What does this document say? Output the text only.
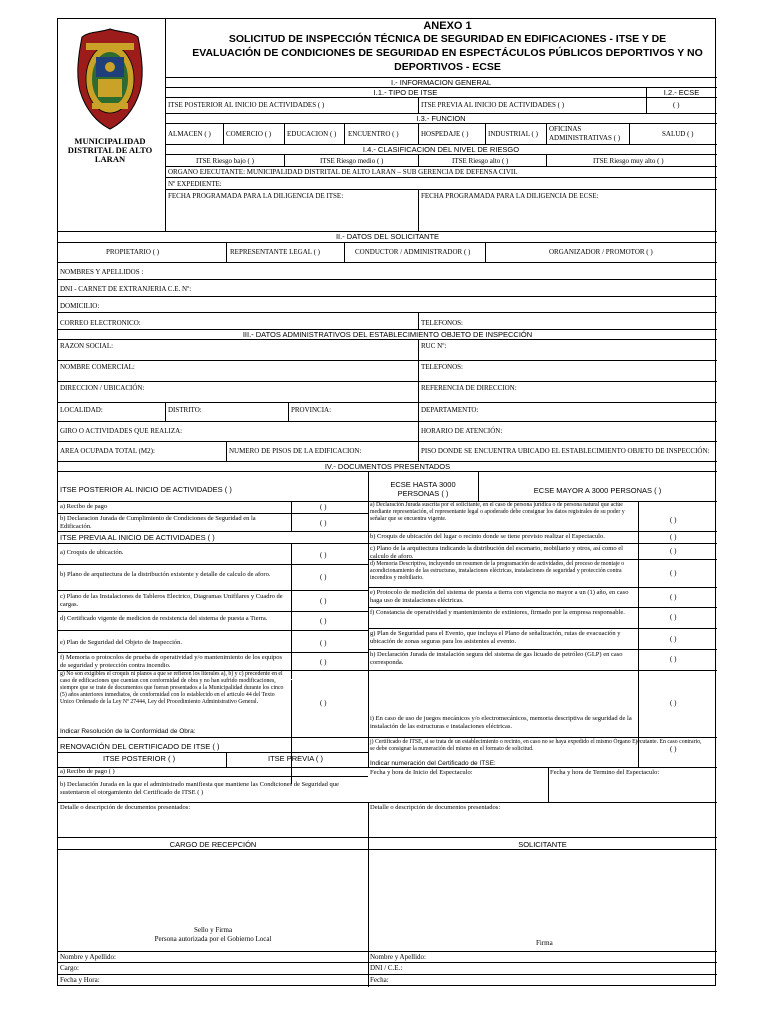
MUNICIPALIDAD
DISTRITAL DE ALTO
LARAN
ANEXO 1
SOLICITUD DE INSPECCIÓN TÉCNICA DE SEGURIDAD EN EDIFICACIONES - ITSE Y DE
EVALUACIÓN DE CONDICIONES DE SEGURIDAD EN ESPECTÁCULOS PÚBLICOS DEPORTIVOS Y NO
DEPORTIVOS - ECSE
I.- INFORMACION GENERAL
I.1.- TIPO DE ITSE	I.2.- ECSE
ITSE POSTERIOR AL INICIO DE ACTIVIDADES ( )	ITSE PREVIA AL INICIO DE ACTIVIDADES ( )	( )
I.3.- FUNCION
ALMACEN ( ) COMERCIO ( ) EDUCACION ( ) ENCUENTRO ( )	HOSPEDAJE ( )	INDUSTRIAL ( )
OFICINAS
ADMINISTRATIVAS ( )	SALUD ( )
I.4.- CLASIFICACION DEL NIVEL DE RIESGO
ITSE Riesgo bajo ( )	ITSE Riesgo medio ( )	ITSE Riesgo alto ( )	ITSE Riesgo muy alto ( )
ORGANO EJECUTANTE: MUNICIPALIDAD DISTRITAL DE ALTO LARAN – SUB GERENCIA DE DEFENSA CIVIL
Nº EXPEDIENTE:
FECHA PROGRAMADA PARA LA DILIGENCIA DE ITSE:	FECHA PROGRAMADA PARA LA DILIGENCIA DE ECSE:
II.- DATOS DEL SOLICITANTE
PROPIETARIO ( )	REPRESENTANTE LEGAL ( )	CONDUCTOR / ADMINISTRADOR ( )	ORGANIZADOR / PROMOTOR ( )
NOMBRES Y APELLIDOS :
DNI - CARNET DE EXTRANJERIA C.E. Nº:
DOMICILIO:
CORREO ELECTRONICO:	TELEFONOS:
III.- DATOS ADMINISTRATIVOS DEL ESTABLECIMIENTO OBJETO DE INSPECCIÓN
RAZON SOCIAL:	RUC Nº:
NOMBRE COMERCIAL:	TELEFONOS:
DIRECCION / UBICACIÓN:	REFERENCIA DE DIRECCION:
LOCALIDAD:	DISTRITO:	PROVINCIA:	DEPARTAMENTO:
GIRO O ACTIVIDADES QUE REALIZA:	HORARIO DE ATENCIÓN:
AREA OCUPADA TOTAL (M2):	NUMERO DE PISOS DE LA EDIFICACION:	PISO DONDE SE ENCUENTRA UBICADO EL ESTABLECIMIENTO OBJETO DE INSPECCIÓN:
IV.- DOCUMENTOS PRESENTADOS
ITSE POSTERIOR AL INICIO DE ACTIVIDADES ( )
ECSE HASTA 3000
PERSONAS ( )	ECSE MAYOR A 3000 PERSONAS ( )
a) Recibo de pago	( )
b) Declaracion Jurada de Cumplimiento de Condiciones de Seguridad en la Edificación.	( )
ITSE PREVIA AL INICIO DE ACTIVIDADES ( )
a) Croquis de ubicación.	( )
b) Plano de arquitectura de la distribución existente y detalle de calculo de aforo.	( )
c) Plano de las Instalaciones de Tableros Electrico, Diagramas Unifilares y Cuadro de cargas.	( )
d) Certificado vigente de medicion de resistencia del sistema de puesta a Tierra.	( )
e) Plan de Seguridad del Objeto de Inspección.	( )
f) Memoria o protocolos de prueba de operatividad y/o mantenimiento de los equipos de seguridad y protección contra incendio.	( )
g) No son exigibles el croquis ni planos a que se refieren los literales a), b) y c) precedente en el caso de edificaciones que cuentan con conformidad de obra y no han sufrido modificaciones, siempre que se trate de documentos que fueran presentados a la Municipalidad durante los cinco (5) años anteriores inmediatos, de conformidad con lo establecido en el articulo 44 del Texto Unico Ordenado de la Ley Nº 27444, Ley del Procedimiento Administrativo General.
Indicar Resolución de la Conformidad de Obra:
( )
RENOVACIÓN DEL CERTIFICADO DE ITSE ( )
ITSE POSTERIOR ( )	ITSE PREVIA ( )
a) Recibo de pago ( )
b) Declaración Jurada en la que el administrado manifiesta que mantiene las Condiciones de Seguridad que sustentaron el otorgamiento del Certificado de ITSE ( )
Detalle o descripción de documentos presentados:
a) Declaración Jurada suscrita por el solicitante, en el caso de persona jurídica o de persona natural que actúe mediante representación, el representante legal o apoderado debe consignar los datos registrales de su poder y señalar que se encuentra vigente.	( )
b) Croquis de ubicación del lugar o recinto donde se tiene previsto realizar el Espectaculo.	( )
c) Plano de la arquitectura indicando la distribución del escenario, mobiliario y otros, así como el calculo de aforo.
( )
d) Memoria Descriptiva, incluyendo un resumen de la programación de actividades, del proceso de montaje o acondicionamiento de las estructuras, instalaciones eléctricas, instalaciones de seguridad y protección contra incendios y mobiliario.
( )
e) Protocolo de medición del sistema de puesta a tierra con vigencia no mayor a un (1) año, en caso haga uso de instalaciones eléctricas.	( )
f) Constancia de operatividad y mantenimiento de extintores, firmado por la empresa responsable.
( )
g) Plan de Seguridad para el Evento, que incluya el Plano de señalización, rutas de evacuación y ubicación de zonas seguras para los asistentes al evento.	( )
h) Declaración Jurada de instalación segura del sistema de gas licuado de petróleo (GLP) en caso corresponda.	( )
i) En caso de uso de juegos mecánicos y/o electromecánicos, memoria descriptiva de seguridad de la instalación de las estructuras e instalaciones eléctricas.
( )
j) Certificado de ITSE, si se trata de un establecimiento o recinto, en caso no se haya expedido el mismo Órgano Ejecutante. En caso contrario, se debe consignar la numeración del mismo en el formato de solicitud.
Indicar numeración del Certificado de ITSE:
( )
Fecha y hora de Inicio del Espectaculo:	Fecha y hora de Termino del Espectaculo:
Detalle o descripción de documentos presentados:
CARGO DE RECEPCIÓN	SOLICITANTE
Sello y Firma
Persona autorizada por el Gobierno Local	Firma
Nombre y Apellido:	Nombre y Apellido:
Cargo:	DNI / C.E.:
Fecha y Hora:	Fecha:
